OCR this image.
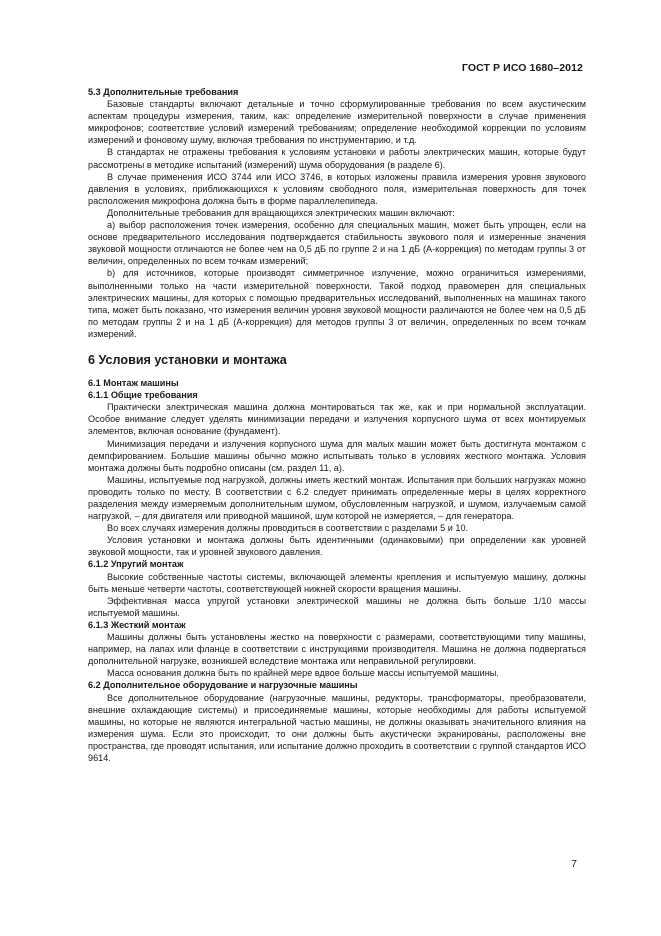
ГОСТ Р ИСО 1680–2012

5.3 Дополнительные требования

Базовые стандарты включают детальные и точно сформулированные требования по всем акустическим аспектам процедуры измерения, таким, как: определение измерительной поверхности в случае применения микрофонов; соответствие условий измерений требованиям; определение необходимой коррекции по условиям измерений и фоновому шуму, включая требования по инструментарию, и т.д.

В стандартах не отражены требования к условиям установки и работы электрических машин, которые будут рассмотрены в методике испытаний (измерений) шума оборудования (в разделе 6).

В случае применения ИСО 3744 или ИСО 3746, в которых изложены правила измерения уровня звукового давления в условиях, приближающихся к условиям свободного поля, измерительная поверхность для точек расположения микрофона должна быть в форме параллелепипеда.

Дополнительные требования для вращающихся электрических машин включают:

а) выбор расположения точек измерения, особенно для специальных машин, может быть упрощен, если на основе предварительного исследования подтверждается стабильность звукового поля и измеренные значения звуковой мощности отличаются не более чем на 0,5 дБ по группе 2 и на 1 дБ (А-коррекция) по методам группы 3 от величин, определенных по всем точкам измерений;

b) для источников, которые производят симметричное излучение, можно ограничиться измерениями, выполненными только на части измерительной поверхности. Такой подход правомерен для специальных электрических машины, для которых с помощью предварительных исследований, выполненных на машинах такого типа, может быть показано, что измерения величин уровня звуковой мощности различаются не более чем на 0,5 дБ по методам группы 2 и на 1 дБ (А-коррекция) для методов группы 3 от величин, определенных по всем точкам измерений.

6 Условия установки и монтажа

6.1 Монтаж машины

6.1.1 Общие требования

Практически электрическая машина должна монтироваться так же, как и при нормальной эксплуатации. Особое внимание следует уделять минимизации передачи и излучения корпусного шума от всех монтируемых элементов, включая основание (фундамент).

Минимизация передачи и излучения корпусного шума для малых машин может быть достигнута монтажом с демпфированием. Большие машины обычно можно испытывать только в условиях жесткого монтажа. Условия монтажа должны быть подробно описаны (см. раздел 11, а).

Машины, испытуемые под нагрузкой, должны иметь жесткий монтаж. Испытания при больших нагрузках можно проводить только по месту. В соответствии с 6.2 следует принимать определенные меры в целях корректного разделения между измеряемым дополнительным шумом, обусловленным нагрузкой, и шумом, излучаемым самой нагрузкой, – для двигателя или приводной машиной, шум которой не измеряется, – для генератора.

Во всех случаях измерения должны проводиться в соответствии с разделами 5 и 10.

Условия установки и монтажа должны быть идентичными (одинаковыми) при определении как уровней звуковой мощности, так и уровней звукового давления.

6.1.2 Упругий монтаж

Высокие собственные частоты системы, включающей элементы крепления и испытуемую машину, должны быть меньше четверти частоты, соответствующей нижней скорости вращения машины.

Эффективная масса упругой установки электрической машины не должна быть больше 1/10 массы испытуемой машины.

6.1.3 Жесткий монтаж

Машины должны быть установлены жестко на поверхности с размерами, соответствующими типу машины, например, на лапах или фланце в соответствии с инструкциями производителя. Машина не должна подвергаться дополнительной нагрузке, возникшей вследствие монтажа или неправильной регулировки.

Масса основания должна быть по крайней мере вдвое больше массы испытуемой машины.

6.2 Дополнительное оборудование и нагрузочные машины

Все дополнительное оборудование (нагрузочные машины, редукторы, трансформаторы, преобразователи, внешние охлаждающие системы) и присоединяемые машины, которые необходимы для работы испытуемой машины, но которые не являются интегральной частью машины, не должны оказывать значительного влияния на измерения шума. Если это происходит, то они должны быть акустически экранированы, расположены вне пространства, где проводят испытания, или испытание должно проходить в соответствии с группой стандартов ИСО 9614.

7
